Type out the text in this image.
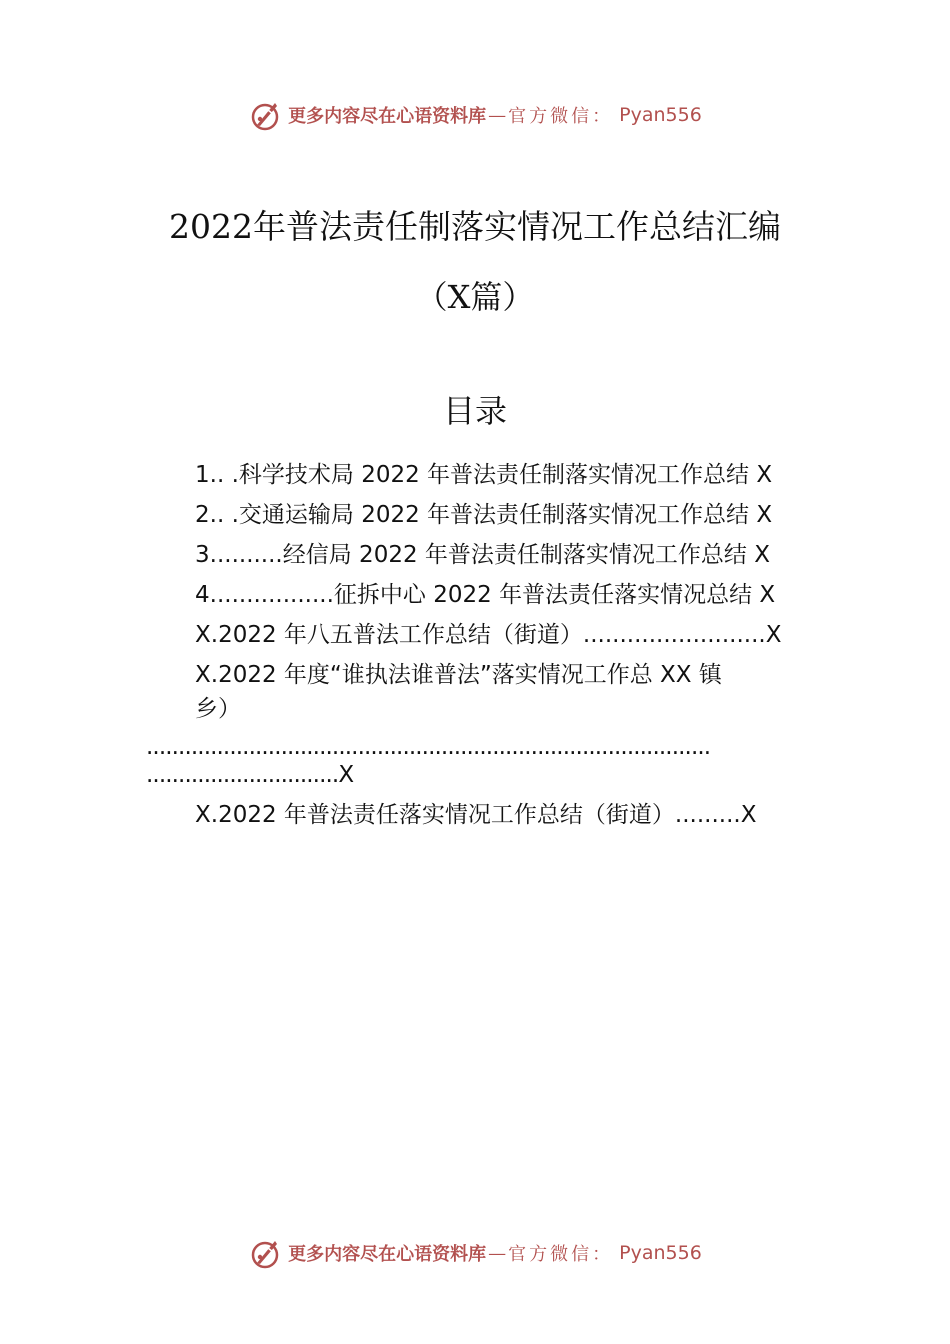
更多内容尽在心语资料库 — 官方微信： Pyan556
2022年普法责任制落实情况工作总结汇编
（X篇）
目录
1.. .科学技术局 2022 年普法责任制落实情况工作总结 X
2.. .交通运输局 2022 年普法责任制落实情况工作总结 X
3..........经信局 2022 年普法责任制落实情况工作总结 X
4.................征拆中心 2022 年普法责任落实情况总结 X
X.2022 年八五普法工作总结（街道）.........................X
X.2022 年度“谁执法谁普法”落实情况工作总 XX 镇
乡）
........................................................................................
..............................X
X.2022 年普法责任落实情况工作总结（街道）.........X
更多内容尽在心语资料库 — 官方微信： Pyan556
